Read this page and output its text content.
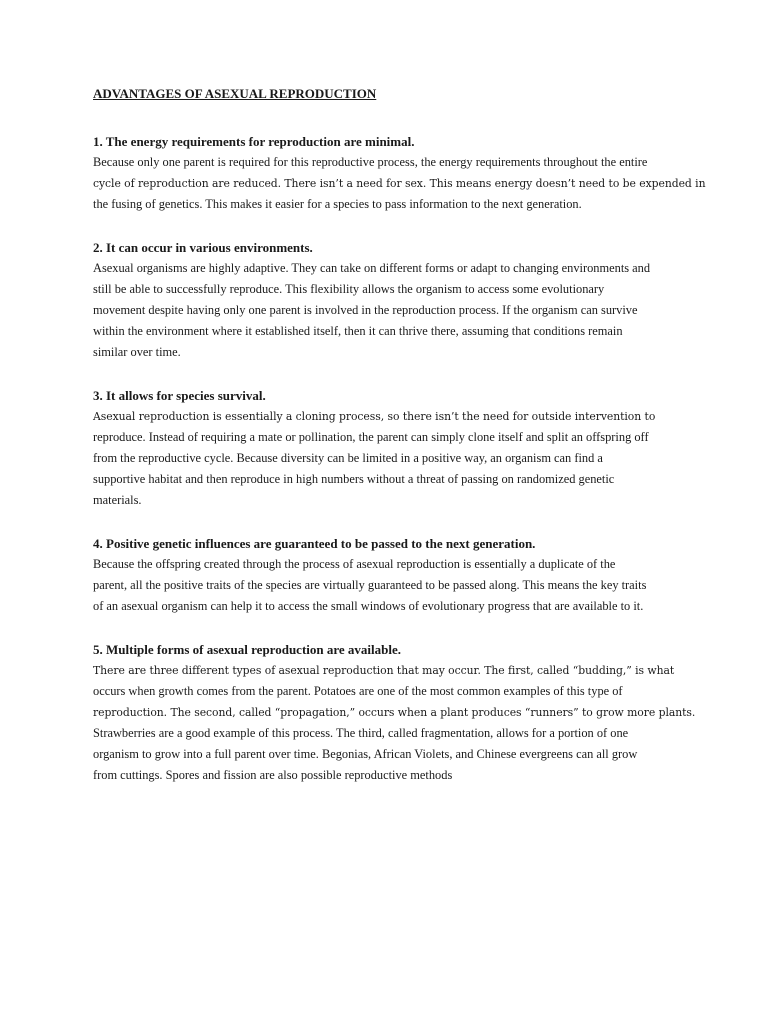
ADVANTAGES OF ASEXUAL REPRODUCTION
1. The energy requirements for reproduction are minimal.
Because only one parent is required for this reproductive process, the energy requirements throughout the entire
cycle of reproduction are reduced. There isn’t a need for sex. This means energy doesn’t need to be expended in
the fusing of genetics. This makes it easier for a species to pass information to the next generation.
2. It can occur in various environments.
Asexual organisms are highly adaptive. They can take on different forms or adapt to changing environments and
still be able to successfully reproduce. This flexibility allows the organism to access some evolutionary
movement despite having only one parent is involved in the reproduction process. If the organism can survive
within the environment where it established itself, then it can thrive there, assuming that conditions remain
similar over time.
3. It allows for species survival.
Asexual reproduction is essentially a cloning process, so there isn’t the need for outside intervention to
reproduce. Instead of requiring a mate or pollination, the parent can simply clone itself and split an offspring off
from the reproductive cycle. Because diversity can be limited in a positive way, an organism can find a
supportive habitat and then reproduce in high numbers without a threat of passing on randomized genetic
materials.
4. Positive genetic influences are guaranteed to be passed to the next generation.
Because the offspring created through the process of asexual reproduction is essentially a duplicate of the
parent, all the positive traits of the species are virtually guaranteed to be passed along. This means the key traits
of an asexual organism can help it to access the small windows of evolutionary progress that are available to it.
5. Multiple forms of asexual reproduction are available.
There are three different types of asexual reproduction that may occur. The first, called “budding,” is what
occurs when growth comes from the parent. Potatoes are one of the most common examples of this type of
reproduction. The second, called “propagation,” occurs when a plant produces “runners” to grow more plants.
Strawberries are a good example of this process. The third, called fragmentation, allows for a portion of one
organism to grow into a full parent over time. Begonias, African Violets, and Chinese evergreens can all grow
from cuttings. Spores and fission are also possible reproductive methods
